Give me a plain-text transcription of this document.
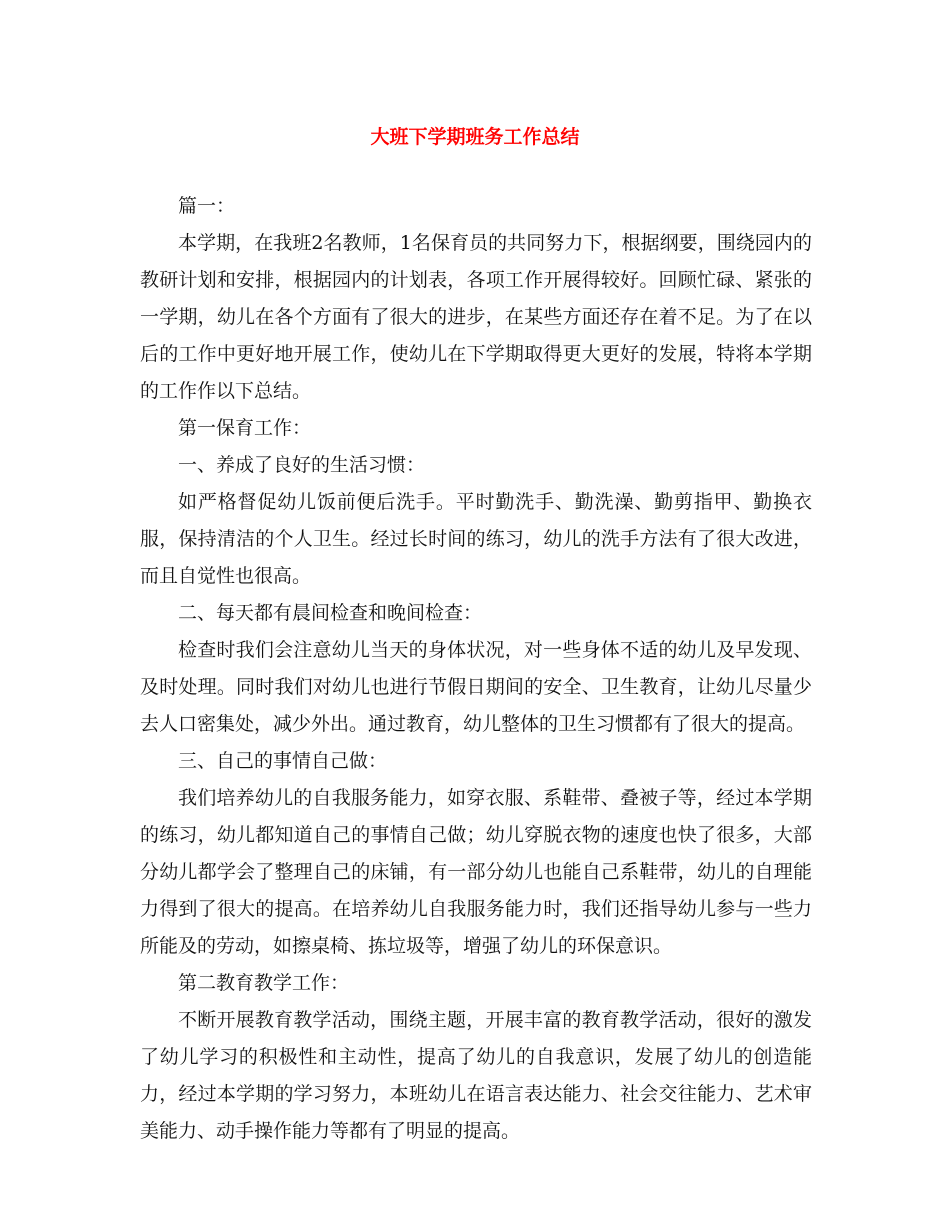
大班下学期班务工作总结

篇一：

本学期，在我班2名教师，1名保育员的共同努力下，根据纲要，围绕园内的教研计划和安排，根据园内的计划表，各项工作开展得较好。回顾忙碌、紧张的一学期，幼儿在各个方面有了很大的进步，在某些方面还存在着不足。为了在以后的工作中更好地开展工作，使幼儿在下学期取得更大更好的发展，特将本学期的工作作以下总结。

第一保育工作：

一、养成了良好的生活习惯：

如严格督促幼儿饭前便后洗手。平时勤洗手、勤洗澡、勤剪指甲、勤换衣服，保持清洁的个人卫生。经过长时间的练习，幼儿的洗手方法有了很大改进，而且自觉性也很高。

二、每天都有晨间检查和晚间检查：

检查时我们会注意幼儿当天的身体状况，对一些身体不适的幼儿及早发现、及时处理。同时我们对幼儿也进行节假日期间的安全、卫生教育，让幼儿尽量少去人口密集处，减少外出。通过教育，幼儿整体的卫生习惯都有了很大的提高。

三、自己的事情自己做：

我们培养幼儿的自我服务能力，如穿衣服、系鞋带、叠被子等，经过本学期的练习，幼儿都知道自己的事情自己做；幼儿穿脱衣物的速度也快了很多，大部分幼儿都学会了整理自己的床铺，有一部分幼儿也能自己系鞋带，幼儿的自理能力得到了很大的提高。在培养幼儿自我服务能力时，我们还指导幼儿参与一些力所能及的劳动，如擦桌椅、拣垃圾等，增强了幼儿的环保意识。

第二教育教学工作：

不断开展教育教学活动，围绕主题，开展丰富的教育教学活动，很好的激发了幼儿学习的积极性和主动性，提高了幼儿的自我意识，发展了幼儿的创造能力，经过本学期的学习努力，本班幼儿在语言表达能力、社会交往能力、艺术审美能力、动手操作能力等都有了明显的提高。
